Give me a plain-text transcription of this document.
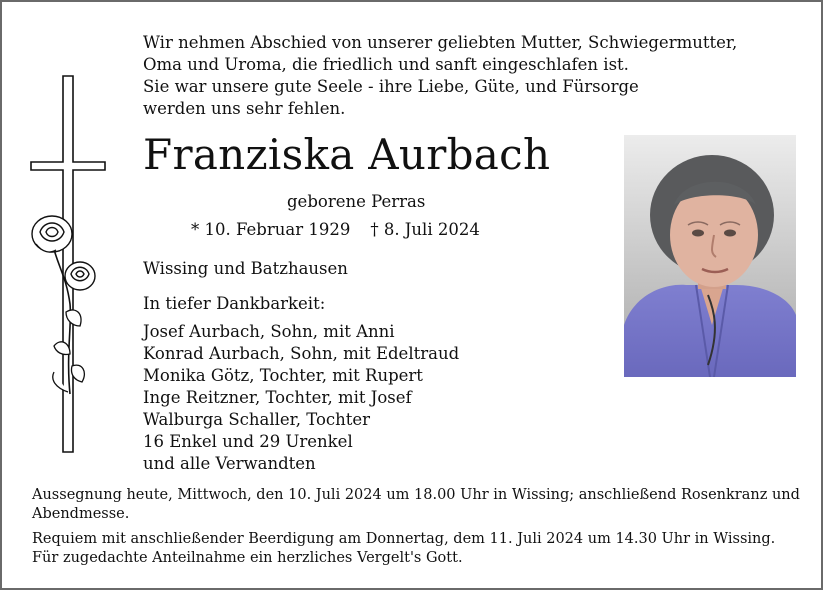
Wir nehmen Abschied von unserer geliebten Mutter, Schwiegermutter,
Oma und Uroma, die friedlich und sanft eingeschlafen ist.
Sie war unsere gute Seele - ihre Liebe, Güte, und Fürsorge
werden uns sehr fehlen.
Franziska Aurbach
geborene Perras
* 10. Februar 1929 † 8. Juli 2024
Wissing und Batzhausen
In tiefer Dankbarkeit:
Josef Aurbach, Sohn, mit Anni
Konrad Aurbach, Sohn, mit Edeltraud
Monika Götz, Tochter, mit Rupert
Inge Reitzner, Tochter, mit Josef
Walburga Schaller, Tochter
16 Enkel und 29 Urenkel
und alle Verwandten
Aussegnung heute, Mittwoch, den 10. Juli 2024 um 18.00 Uhr in Wissing; anschließend Rosenkranz und Abendmesse.
Requiem mit anschließender Beerdigung am Donnertag, dem 11. Juli 2024 um 14.30 Uhr in Wissing. Für zugedachte Anteilnahme ein herzliches Vergelt's Gott.
